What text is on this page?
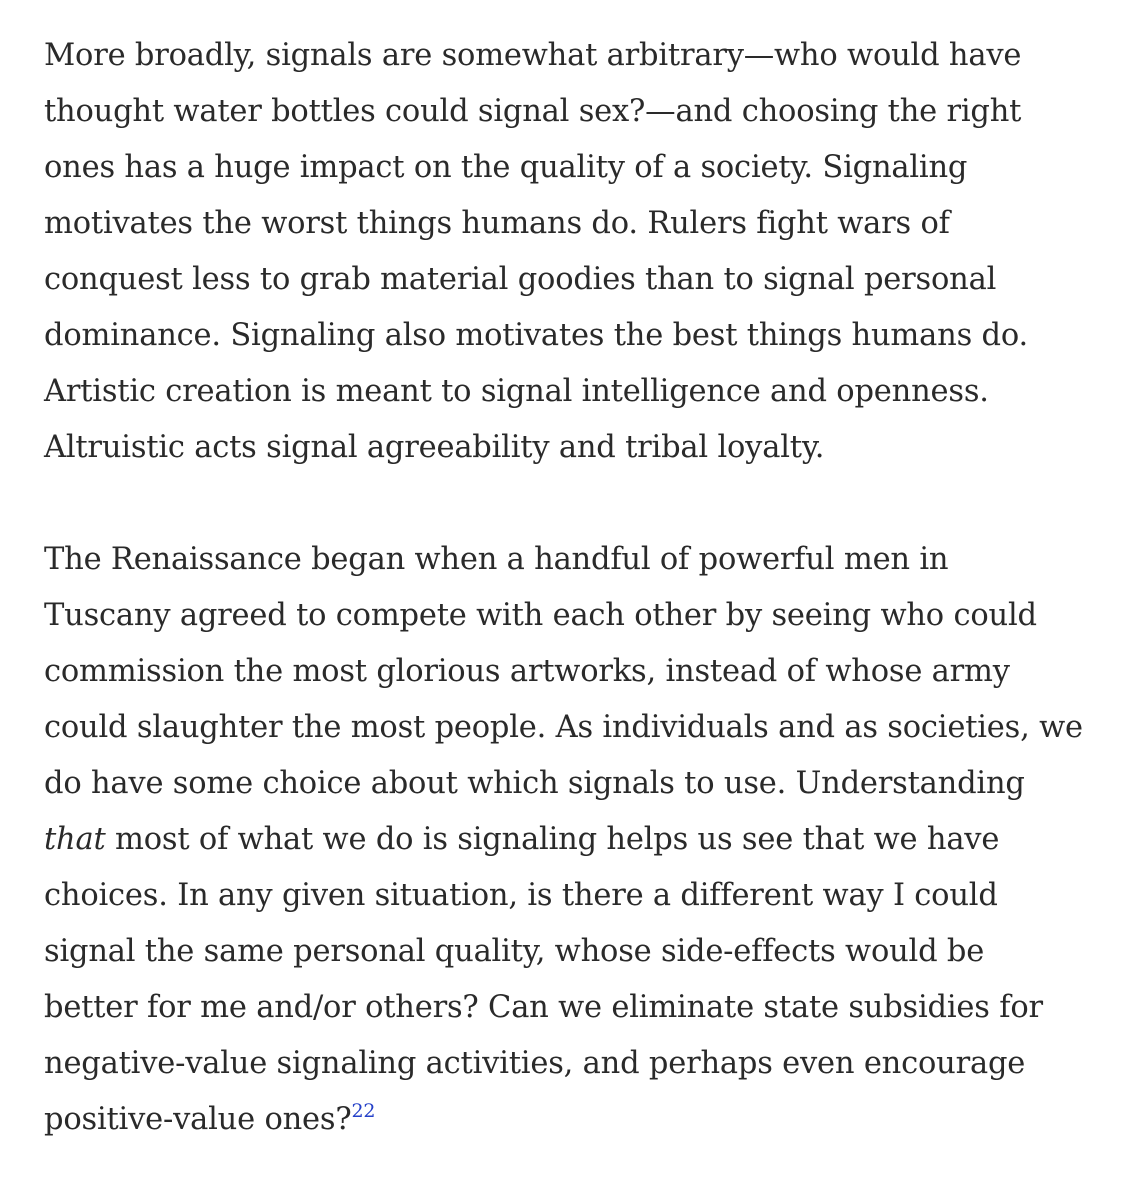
More broadly, signals are somewhat arbitrary—who would have
thought water bottles could signal sex?—and choosing the right
ones has a huge impact on the quality of a society. Signaling
motivates the worst things humans do. Rulers fight wars of
conquest less to grab material goodies than to signal personal
dominance. Signaling also motivates the best things humans do.
Artistic creation is meant to signal intelligence and openness.
Altruistic acts signal agreeability and tribal loyalty.

The Renaissance began when a handful of powerful men in
Tuscany agreed to compete with each other by seeing who could
commission the most glorious artworks, instead of whose army
could slaughter the most people. As individuals and as societies, we
do have some choice about which signals to use. Understanding
that most of what we do is signaling helps us see that we have
choices. In any given situation, is there a different way I could
signal the same personal quality, whose side-effects would be
better for me and/or others? Can we eliminate state subsidies for
negative-value signaling activities, and perhaps even encourage
positive-value ones?$^{22}$
